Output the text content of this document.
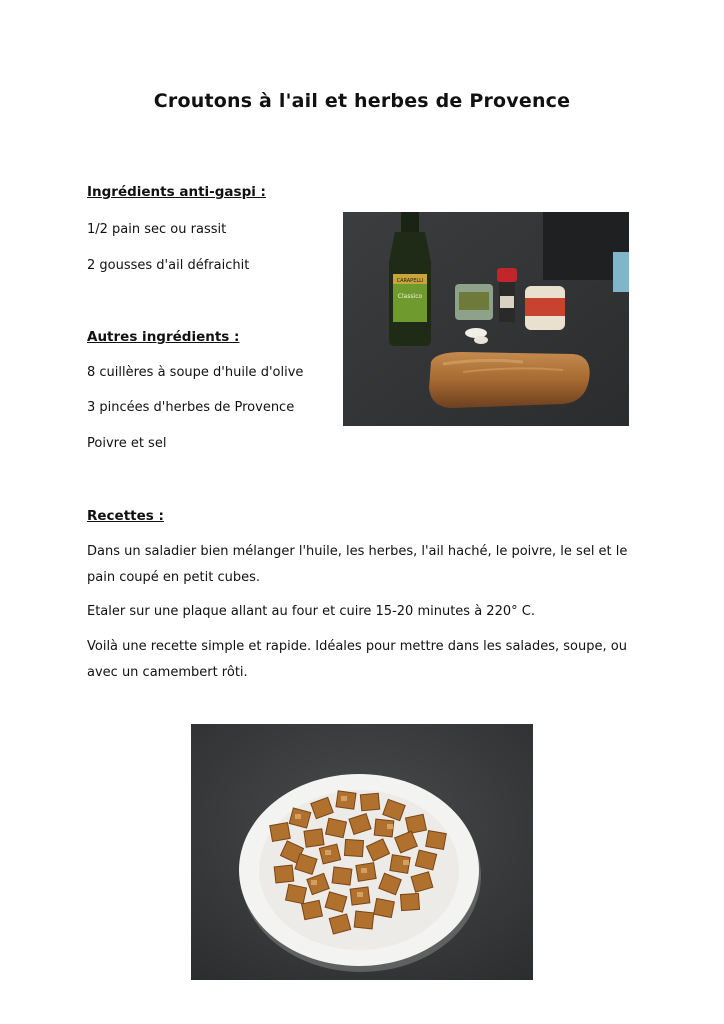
Croutons à l'ail et herbes de Provence
Ingrédients anti-gaspi :
1/2 pain sec ou rassit
2 gousses d'ail défraichit
Autres ingrédients :
8 cuillères à soupe d'huile d'olive
3 pincées d'herbes de Provence
Poivre et sel
Recettes :
Dans un saladier bien mélanger l'huile, les herbes, l'ail haché, le poivre, le sel et le pain coupé en petit cubes.
Etaler sur une plaque allant au four et cuire 15-20 minutes à 220° C.
Voilà une recette simple et rapide. Idéales pour mettre dans les salades, soupe, ou avec un camembert rôti.
CARAPELLI
Classico
